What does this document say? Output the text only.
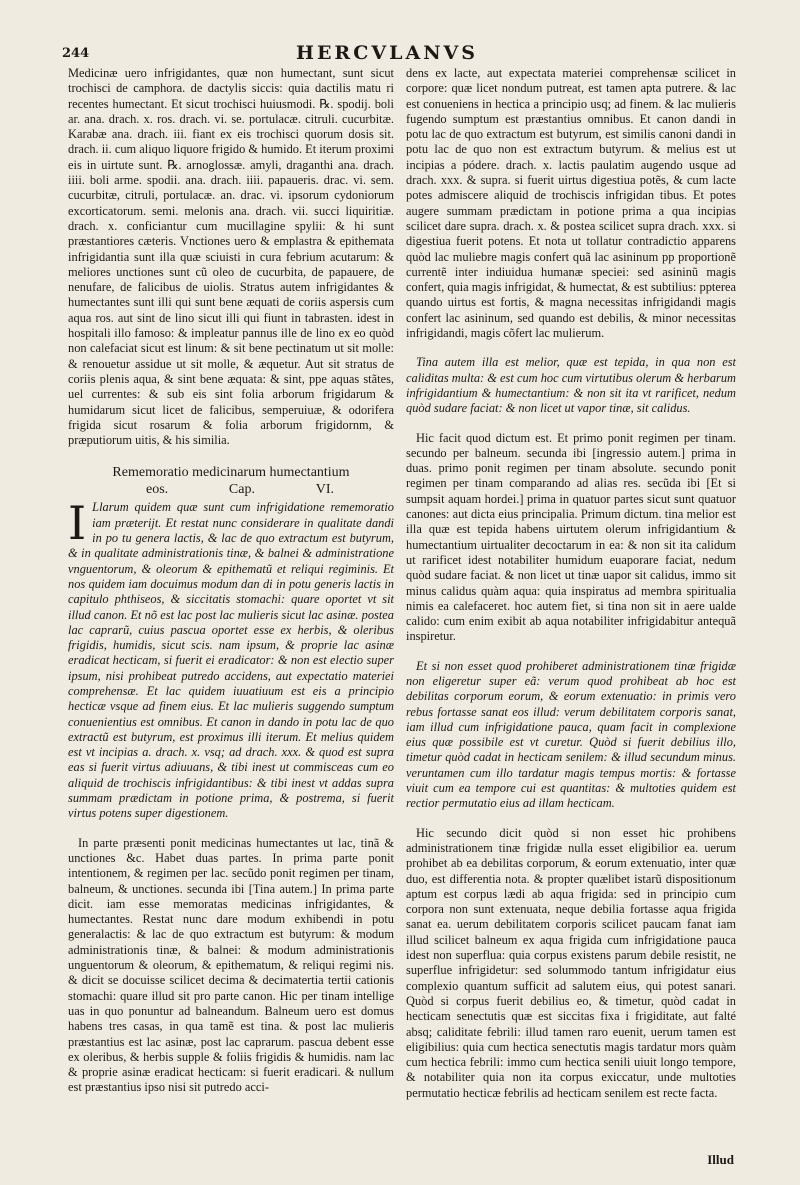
244	HERCVLANVS

Medicinæ uero infrigidantes, quæ non humectant, sunt sicut trochisci de camphora. de dactylis siccis: quia dactilis matu ri recentes humectant. Et sicut trochisci huiusmodi. ℞. spodij. boli ar. ana. drach. x. ros. drach. vi. se. portulacæ. citruli. cucurbitæ. Karabæ ana. drach. iii. fiant ex eis trochisci quorum dosis sit. drach. ii. cum aliquo liquore frigido & humido. Et iterum proximi eis in uirtute sunt. ℞. arnoglossæ. amyli, draganthi ana. drach. iiii. boli arme. spodii. ana. drach. iiii. papaueris. drac. vi. sem. cucurbitæ, citruli, portulacæ. an. drac. vi. ipsorum cydoniorum excorticatorum. semi. melonis ana. drach. vii. succi liquiritiæ. drach. x. conficiantur cum mucillagine spylii: & hi sunt præstantiores cæteris. Vnctiones uero & emplastra & epithemata infrigidantia sunt illa quæ sciuisti in cura febrium acutarum: & meliores unctiones sunt cũ oleo de cucurbita, de papauere, de nenufare, de falicibus de uiolis. Stratus autem infrigidantes & humectantes sunt illi qui sunt bene æquati de coriis aspersis cum aqua ros. aut sint de lino sicut illi qui fiunt in tabrasten. idest in hospitali illo famoso: & impleatur pannus ille de lino ex eo quòd non calefaciat sicut est linum: & sit bene pectinatum ut sit molle: & renouetur assidue ut sit molle, & æquetur. Aut sit stratus de coriis plenis aqua, & sint bene æquata: & sint, ppe aquas stãtes, uel currentes: & sub eis sint folia arborum frigidarum & humidarum sicut licet de falicibus, semperuiuæ, & odorifera frigida sicut rosarum & folia arborum frigidornm, & præputiorum uitis, & his similia.

Rememoratio medicinarum humectantium
eos.	Cap.	VI.

I Llarum quidem quæ sunt cum infrigidatione rememoratio iam præterijt. Et restat nunc considerare in qualitate dandi in po tu genera lactis, & lac de quo extractum est butyrum, & in qualitate administrationis tinæ, & balnei & administratione vnguentorum, & oleorum & epithematũ et reliqui regiminis. Et nos quidem iam docuimus modum dan di in potu generis lactis in capitulo phthiseos, & siccitatis stomachi: quare oportet vt sit illud canon. Et nõ est lac post lac mulieris sicut lac asinæ. postea lac caprarũ, cuius pascua oportet esse ex herbis, & oleribus frigidis, humidis, sicut scis. nam ipsum, & proprie lac asinæ eradicat hecticam, si fuerit ei eradicator: & non est electio super ipsum, nisi prohibeat putredo accidens, aut expectatio materiei comprehensæ. Et lac quidem iuuatiuum est eis a principio hecticæ vsque ad finem eius. Et lac mulieris suggendo sumptum conuenientius est omnibus. Et canon in dando in potu lac de quo extractũ est butyrum, est proximus illi iterum. Et melius quidem est vt incipias a. drach. x. vsq; ad drach. xxx. & quod est supra eas si fuerit virtus adiuuans, & tibi inest ut commisceas cum eo aliquid de trochiscis infrigidantibus: & tibi inest vt addas supra summam prædictam in potione prima, & postrema, si fuerit virtus potens super digestionem.

In parte præsenti ponit medicinas humectantes ut lac, tinã & unctiones &c. Habet duas partes. In prima parte ponit intentionem, & regimen per lac. secũdo ponit regimen per tinam, balneum, & unctiones. secunda ibi [Tina autem.] In prima parte dicit. iam esse memoratas medicinas infrigidantes, & humectantes. Restat nunc dare modum exhibendi in potu generalactis: & lac de quo extractum est butyrum: & modum administrationis tinæ, & balnei: & modum administrationis unguentorum & oleorum, & epithematum, & reliqui regimi nis. & dicit se docuisse scilicet decima & decimatertia tertii cationis stomachi: quare illud sit pro parte canon. Hic per tinam intellige uas in quo ponuntur ad balneandum. Balneum uero est domus habens tres casas, in qua tamẽ est tina. & post lac mulieris præstantius est lac asinæ, post lac caprarum. pascua debent esse ex oleribus, & herbis supple & foliis frigidis & humidis. nam lac & proprie asinæ eradicat hecticam: si fuerit eradicari. & nullum est præstantius ipso nisi sit putredo acci-

dens ex lacte, aut expectata materiei comprehensæ scilicet in corpore: quæ licet nondum putreat, est tamen apta putrere. & lac est conueniens in hectica a principio usq; ad finem. & lac mulieris fugendo sumptum est præstantius omnibus. Et canon dandi in potu lac de quo extractum est butyrum, est similis canoni dandi in potu lac de quo non est extractum butyrum. & melius est ut incipias a pódere. drach. x. lactis paulatim augendo usque ad drach. xxx. & supra. si fuerit uirtus digestiua potẽs, & cum lacte potes admiscere aliquid de trochiscis infrigidan tibus. Et potes augere summam prædictam in potione prima a qua incipias scilicet dare supra. drach. x. & postea scilicet supra drach. xxx. si digestiua fuerit potens. Et nota ut tollatur contradictio apparens quòd lac muliebre magis confert quã lac asininum pp proportionẽ currentẽ inter indiuidua humanæ speciei: sed asininũ magis confert, quia magis infrigidat, & humectat, & est subtilius: ppterea quando uirtus est fortis, & magna necessitas infrigidandi magis confert lac asininum, sed quando est debilis, & minor necessitas infrigidandi, magis cõfert lac mulierum.

Tina autem illa est melior, quæ est tepida, in qua non est caliditas multa: & est cum hoc cum virtutibus olerum & herbarum infrigidantium & humectantium: & non sit ita vt rarificet, nedum quòd sudare faciat: & non licet ut vapor tinæ, sit calidus.

Hic facit quod dictum est. Et primo ponit regimen per tinam. secundo per balneum. secunda ibi [ingressio autem.] prima in duas. primo ponit regimen per tinam absolute. secundo ponit regimen per tinam comparando ad alias res. secũda ibi [Et si sumpsit aquam hordei.] prima in quatuor partes sicut sunt quatuor canones: aut dicta eius principalia. Primum dictum. tina melior est illa quæ est tepida habens uirtutem olerum infrigidantium & humectantium uirtualiter decoctarum in ea: & non sit ita calidum ut rarificet idest notabiliter humidum euaporare faciat, nedum quòd sudare faciat. & non licet ut tinæ uapor sit calidus, immo sit minus calidus quàm aqua: quia inspiratus ad membra spiritualia nimis ea calefaceret. hoc autem fiet, si tina non sit in aere ualde calido: cum enim exibit ab aqua notabiliter infrigidabitur antequã inspiretur.

Et si non esset quod prohiberet administrationem tinæ frigidæ non eligeretur super eã: verum quod prohibeat ab hoc est debilitas corporum eorum, & eorum extenuatio: in primis vero rebus fortasse sanat eos illud: verum debilitatem corporis sanat, iam illud cum infrigidatione pauca, quam facit in complexione eius quæ possibile est vt curetur. Quòd si fuerit debilius illo, timetur quòd cadat in hecticam senilem: & illud secundum minus. veruntamen cum illo tardatur magis tempus mortis: & fortasse viuit cum ea tempore cui est quantitas: & multoties quidem est rectior permutatio eius ad illam hecticam.

Hic secundo dicit quòd si non esset hic prohibens administrationem tinæ frigidæ nulla esset eligibilior ea. uerum prohibet ab ea debilitas corporum, & eorum extenuatio, inter quæ duo, est differentia nota. & propter quælibet istarũ dispositionum aptum est corpus lædi ab aqua frigida: sed in principio cum corpora non sunt extenuata, neque debilia fortasse aqua frigida sanat ea. uerum debilitatem corporis scilicet paucam fanat iam illud scilicet balneum ex aqua frigida cum infrigidatione pauca idest non superflua: quia corpus existens parum debile resistit, ne superflue infrigidetur: sed solummodo tantum infrigidatur eius complexio quantum sufficit ad salutem eius, qui potest sanari. Quòd si corpus fuerit debilius eo, & timetur, quòd cadat in hecticam senectutis quæ est siccitas fixa i frigiditate, aut falté absq; caliditate febrili: illud tamen raro euenit, uerum tamen est eligibilius: quia cum hectica senectutis magis tardatur mors quàm cum hectica febrili: immo cum hectica senili uiuit longo tempore, & notabiliter quia non ita corpus exiccatur, unde multoties permutatio hecticæ febrilis ad hecticam senilem est recte facta.

Illud
